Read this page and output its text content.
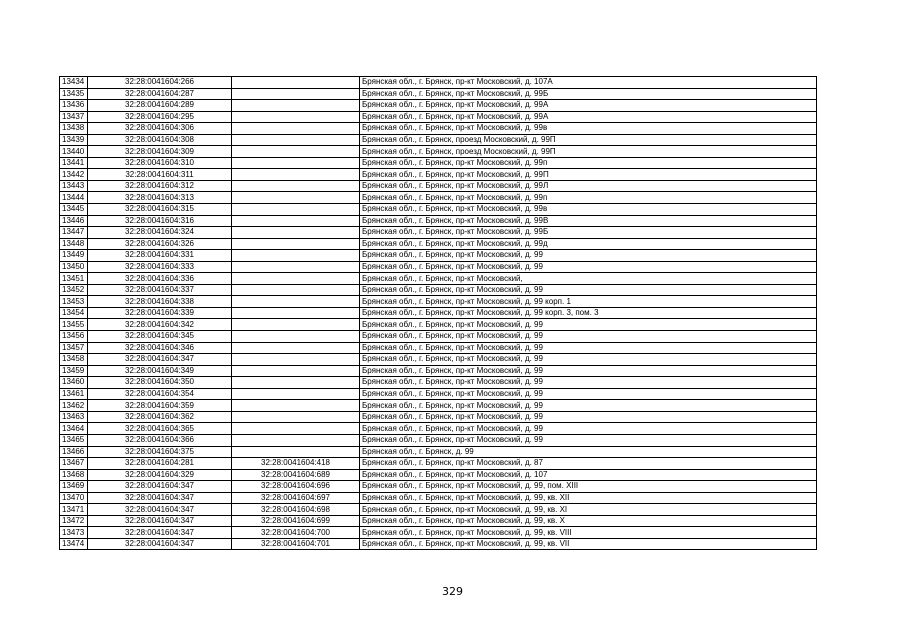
13434	32:28:0041604:266		Брянская обл., г. Брянск, пр-кт Московский, д. 107А
13435	32:28:0041604:287		Брянская обл., г. Брянск, пр-кт Московский, д. 99Б
13436	32:28:0041604:289		Брянская обл., г. Брянск, пр-кт Московский, д. 99А
13437	32:28:0041604:295		Брянская обл., г. Брянск, пр-кт Московский, д. 99А
13438	32:28:0041604:306		Брянская обл., г. Брянск, пр-кт Московский, д. 99в
13439	32:28:0041604:308		Брянская обл., г. Брянск, проезд Московский, д. 99П
13440	32:28:0041604:309		Брянская обл., г. Брянск, проезд Московский, д. 99П
13441	32:28:0041604:310		Брянская обл., г. Брянск, пр-кт Московский, д. 99п
13442	32:28:0041604:311		Брянская обл., г. Брянск, пр-кт Московский, д. 99П
13443	32:28:0041604:312		Брянская обл., г. Брянск, пр-кт Московский, д. 99Л
13444	32:28:0041604:313		Брянская обл., г. Брянск, пр-кт Московский, д. 99п
13445	32:28:0041604:315		Брянская обл., г. Брянск, пр-кт Московский, д. 99в
13446	32:28:0041604:316		Брянская обл., г. Брянск, пр-кт Московский, д. 99В
13447	32:28:0041604:324		Брянская обл., г. Брянск, пр-кт Московский, д. 99Б
13448	32:28:0041604:326		Брянская обл., г. Брянск, пр-кт Московский, д. 99д
13449	32:28:0041604:331		Брянская обл., г. Брянск, пр-кт Московский, д. 99
13450	32:28:0041604:333		Брянская обл., г. Брянск, пр-кт Московский, д. 99
13451	32:28:0041604:336		Брянская обл., г. Брянск, пр-кт Московский,
13452	32:28:0041604:337		Брянская обл., г. Брянск, пр-кт Московский, д. 99
13453	32:28:0041604:338		Брянская обл., г. Брянск, пр-кт Московский, д. 99 корп. 1
13454	32:28:0041604:339		Брянская обл., г. Брянск, пр-кт Московский, д. 99 корп. 3, пом. 3
13455	32:28:0041604:342		Брянская обл., г. Брянск, пр-кт Московский, д. 99
13456	32:28:0041604:345		Брянская обл., г. Брянск, пр-кт Московский, д. 99
13457	32:28:0041604:346		Брянская обл., г. Брянск, пр-кт Московский, д. 99
13458	32:28:0041604:347		Брянская обл., г. Брянск, пр-кт Московский, д. 99
13459	32:28:0041604:349		Брянская обл., г. Брянск, пр-кт Московский, д. 99
13460	32:28:0041604:350		Брянская обл., г. Брянск, пр-кт Московский, д. 99
13461	32:28:0041604:354		Брянская обл., г. Брянск, пр-кт Московский, д. 99
13462	32:28:0041604:359		Брянская обл., г. Брянск, пр-кт Московский, д. 99
13463	32:28:0041604:362		Брянская обл., г. Брянск, пр-кт Московский, д. 99
13464	32:28:0041604:365		Брянская обл., г. Брянск, пр-кт Московский, д. 99
13465	32:28:0041604:366		Брянская обл., г. Брянск, пр-кт Московский, д. 99
13466	32:28:0041604:375		Брянская обл., г. Брянск, д. 99
13467	32:28:0041604:281	32:28:0041604:418	Брянская обл., г. Брянск, пр-кт Московский, д. 87
13468	32:28:0041604:329	32:28:0041604:689	Брянская обл., г. Брянск, пр-кт Московский, д. 107
13469	32:28:0041604:347	32:28:0041604:696	Брянская обл., г. Брянск, пр-кт Московский, д. 99, пом. XIII
13470	32:28:0041604:347	32:28:0041604:697	Брянская обл., г. Брянск, пр-кт Московский, д. 99, кв. XII
13471	32:28:0041604:347	32:28:0041604:698	Брянская обл., г. Брянск, пр-кт Московский, д. 99, кв. XI
13472	32:28:0041604:347	32:28:0041604:699	Брянская обл., г. Брянск, пр-кт Московский, д. 99, кв. X
13473	32:28:0041604:347	32:28:0041604:700	Брянская обл., г. Брянск, пр-кт Московский, д. 99, кв. VIII
13474	32:28:0041604:347	32:28:0041604:701	Брянская обл., г. Брянск, пр-кт Московский, д. 99, кв. VII
329
